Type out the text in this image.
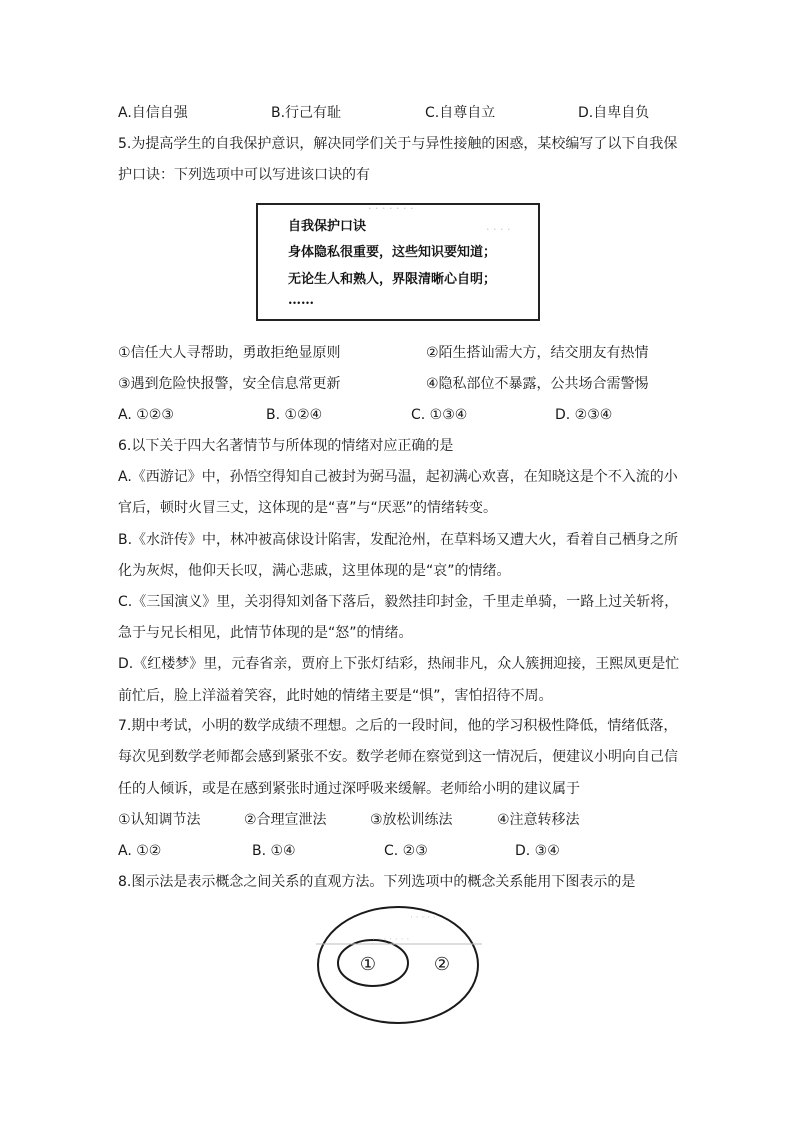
A.自信自强	B.行己有耻	C.自尊自立	D.自卑自负
5.为提高学生的自我保护意识，解决同学们关于与异性接触的困惑，某校编写了以下自我保
护口诀：下列选项中可以写进该口诀的有
· · · · · · ·
· · · ·
自我保护口诀
身体隐私很重要，这些知识要知道；
无论生人和熟人，界限清晰心自明；
……
①信任大人寻帮助，勇敢拒绝显原则	②陌生搭讪需大方，结交朋友有热情
③遇到危险快报警，安全信息常更新	④隐私部位不暴露，公共场合需警惕
A. ①②③	B. ①②④	C. ①③④	D. ②③④
6.以下关于四大名著情节与所体现的情绪对应正确的是
A.《西游记》中，孙悟空得知自己被封为弼马温，起初满心欢喜，在知晓这是个不入流的小
官后，顿时火冒三丈，这体现的是“喜”与“厌恶”的情绪转变。
B.《水浒传》中，林冲被高俅设计陷害，发配沧州，在草料场又遭大火，看着自己栖身之所
化为灰烬，他仰天长叹，满心悲戚，这里体现的是“哀”的情绪。
C.《三国演义》里，关羽得知刘备下落后，毅然挂印封金，千里走单骑，一路上过关斩将，
急于与兄长相见，此情节体现的是“怒”的情绪。
D.《红楼梦》里，元春省亲，贾府上下张灯结彩，热闹非凡，众人簇拥迎接，王熙凤更是忙
前忙后，脸上洋溢着笑容，此时她的情绪主要是“惧”，害怕招待不周。
7.期中考试，小明的数学成绩不理想。之后的一段时间，他的学习积极性降低，情绪低落，
每次见到数学老师都会感到紧张不安。数学老师在察觉到这一情况后，便建议小明向自己信
任的人倾诉，或是在感到紧张时通过深呼吸来缓解。老师给小明的建议属于
①认知调节法	②合理宣泄法	③放松训练法	④注意转移法
A. ①②	B. ①④	C. ②③	D. ③④
8.图示法是表示概念之间关系的直观方法。下列选项中的概念关系能用下图表示的是
· · · · ·
· · · · · · ·
①	②
